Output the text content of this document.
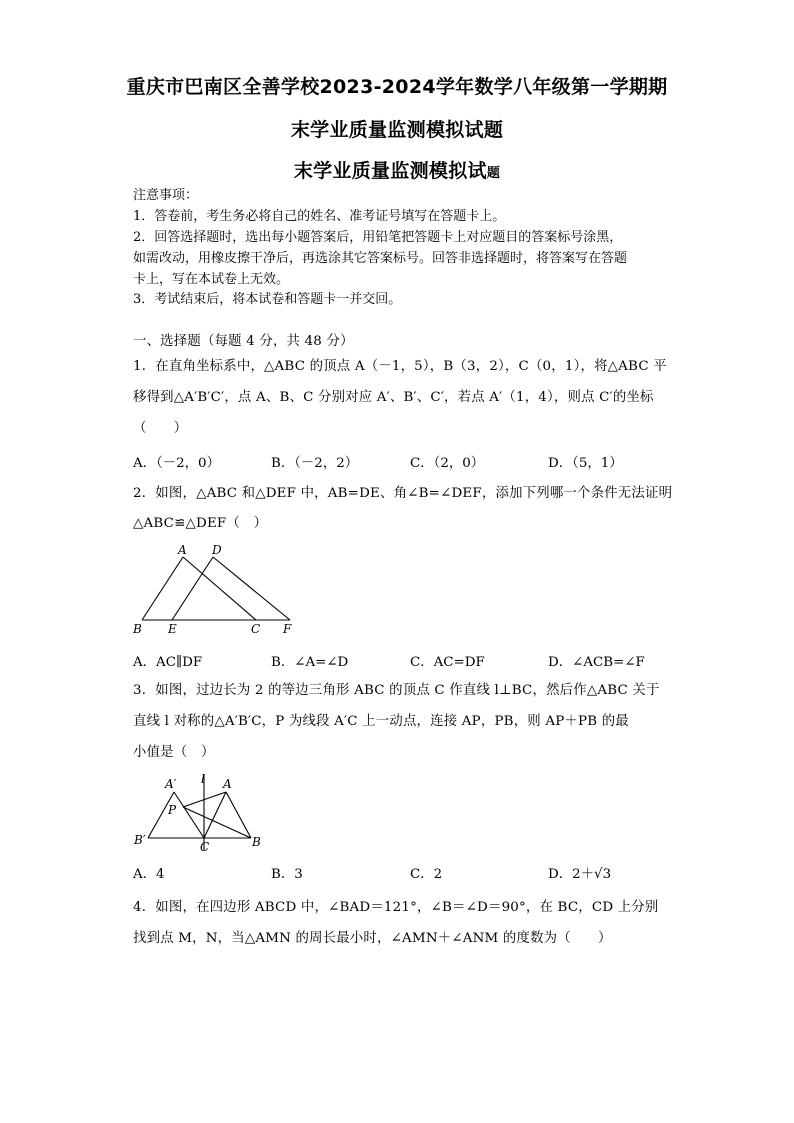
重庆市巴南区全善学校2023-2024学年数学八年级第一学期期
末学业质量监测模拟试题
末学业质量监测模拟试题
注意事项：
1．答卷前，考生务必将自己的姓名、准考证号填写在答题卡上。
2．回答选择题时，选出每小题答案后，用铅笔把答题卡上对应题目的答案标号涂黑，
如需改动，用橡皮擦干净后，再选涂其它答案标号。回答非选择题时，将答案写在答题
卡上，写在本试卷上无效。
3．考试结束后，将本试卷和答题卡一并交回。
一、选择题（每题 4 分，共 48 分）
1．在直角坐标系中，△ABC 的顶点 A（－1，5），B（3，2），C（0，1），将△ABC 平
移得到△A′B′C′，点 A、B、C 分别对应 A′、B′、C′，若点 A′（1，4），则点 C′的坐标
（　　）
A．（－2，0）	B．（－2，2）	C．（2，0）	D．（5，1）
2．如图，△ABC 和△DEF 中，AB=DE、角∠B=∠DEF，添加下列哪一个条件无法证明
△ABC≌△DEF（　）
A D
B E	C F
A．AC∥DF	B．∠A=∠D	C．AC=DF	D．∠ACB=∠F
3．如图，过边长为 2 的等边三角形 ABC 的顶点 C 作直线 l⊥BC，然后作△ABC 关于
直线 l 对称的△A′B′C，P 为线段 A′C 上一动点，连接 AP，PB，则 AP＋PB 的最
小值是（　）
A′ l A
P
B′	C	B
A．4	B．3	C．2	D．2＋√3
4．如图，在四边形 ABCD 中，∠BAD＝121°，∠B＝∠D＝90°，在 BC，CD 上分别
找到点 M，N，当△AMN 的周长最小时，∠AMN＋∠ANM 的度数为（　　）
